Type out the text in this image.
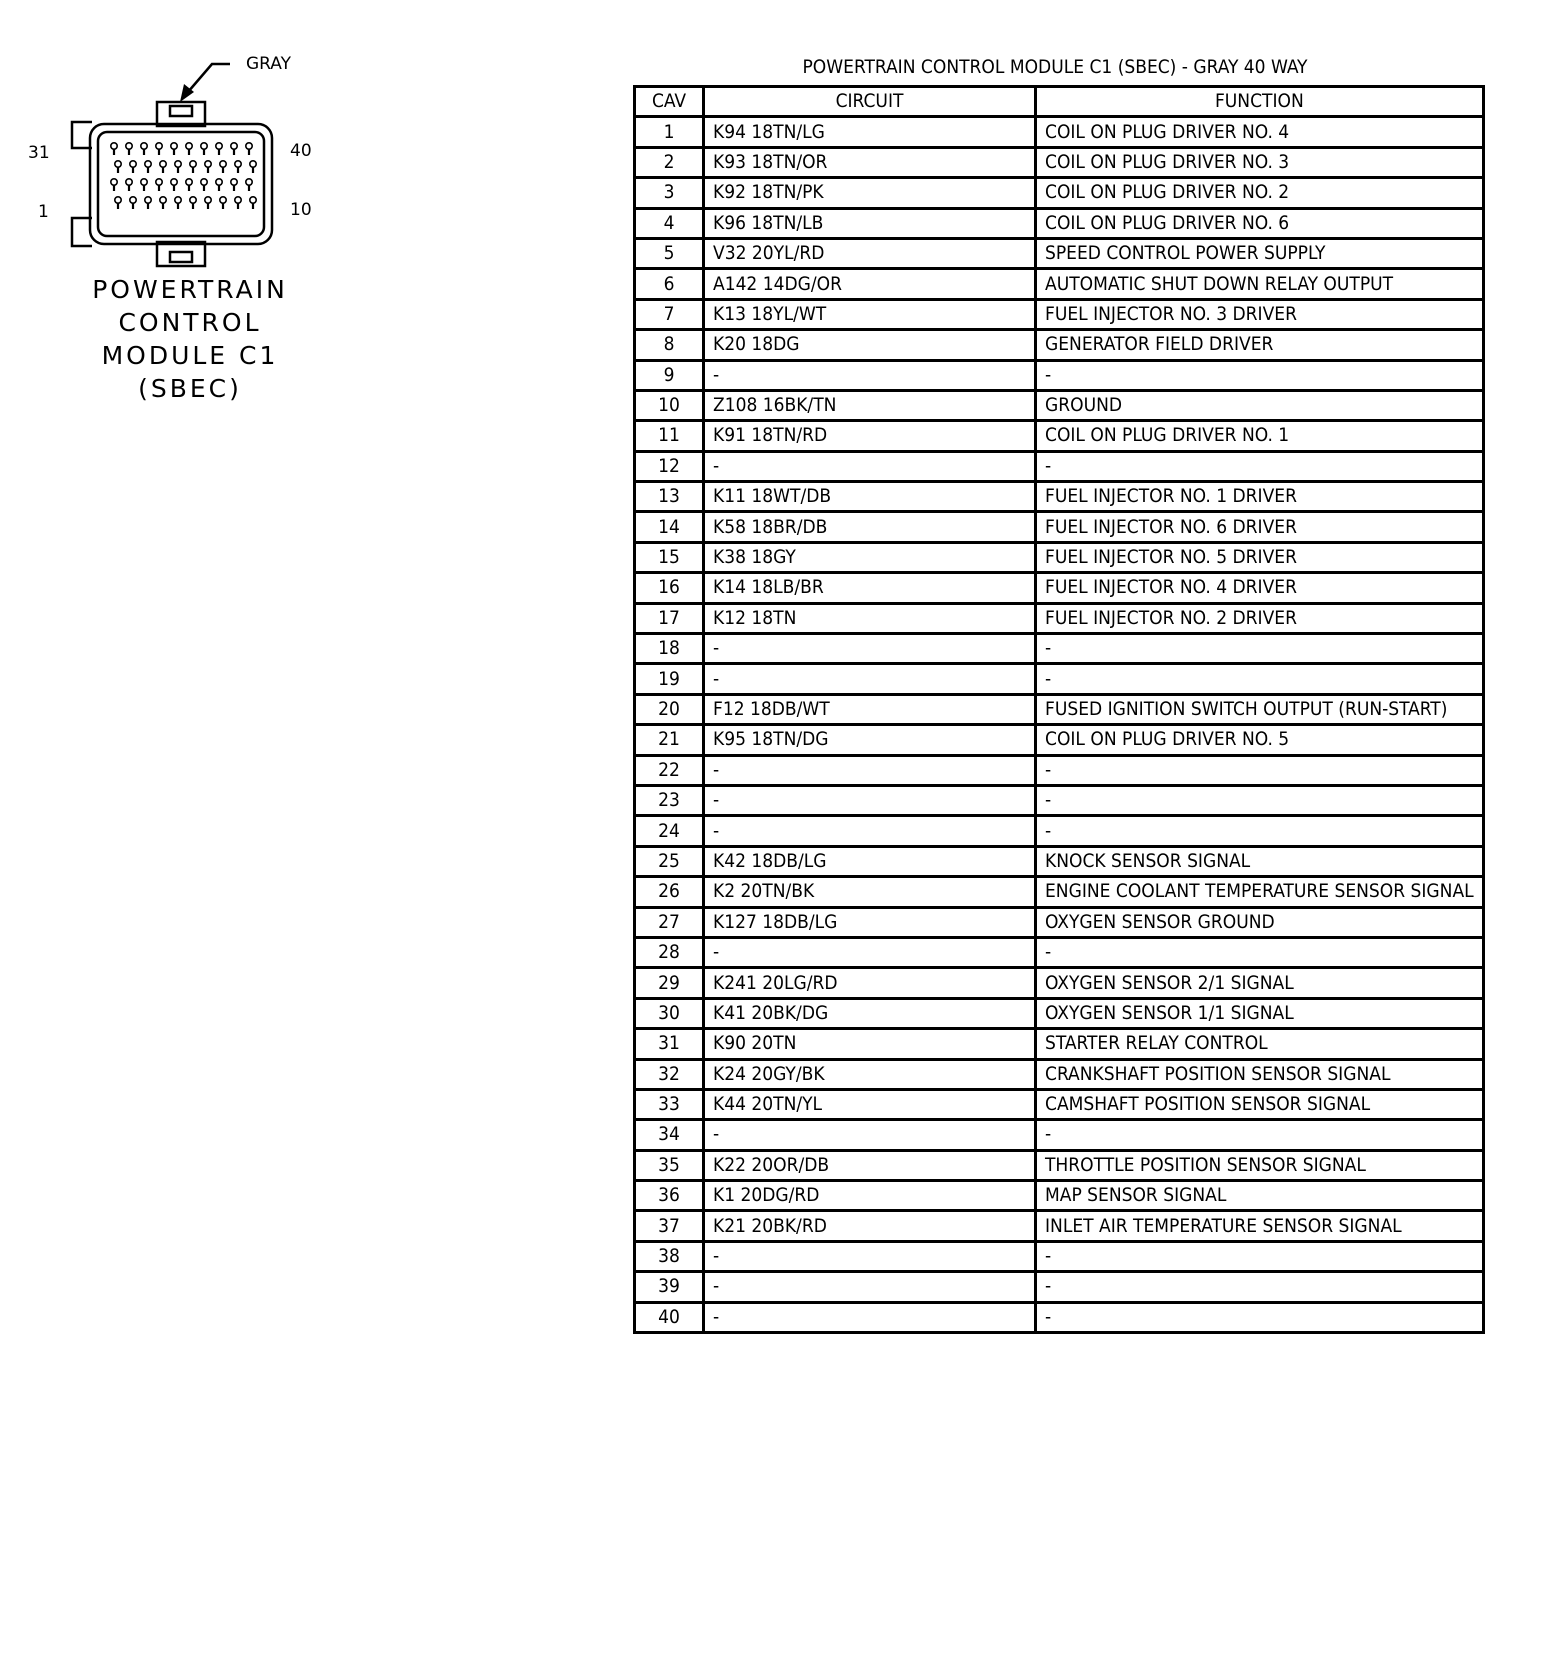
GRAY
31	40
1	10
POWERTRAIN
CONTROL
MODULE C1
(SBEC)
POWERTRAIN CONTROL MODULE C1 (SBEC) - GRAY 40 WAY
CAV	CIRCUIT	FUNCTION
1	K94 18TN/LG	COIL ON PLUG DRIVER NO. 4
2	K93 18TN/OR	COIL ON PLUG DRIVER NO. 3
3	K92 18TN/PK	COIL ON PLUG DRIVER NO. 2
4	K96 18TN/LB	COIL ON PLUG DRIVER NO. 6
5	V32 20YL/RD	SPEED CONTROL POWER SUPPLY
6	A142 14DG/OR	AUTOMATIC SHUT DOWN RELAY OUTPUT
7	K13 18YL/WT	FUEL INJECTOR NO. 3 DRIVER
8	K20 18DG	GENERATOR FIELD DRIVER
9	-	-
10	Z108 16BK/TN	GROUND
11	K91 18TN/RD	COIL ON PLUG DRIVER NO. 1
12	-	-
13	K11 18WT/DB	FUEL INJECTOR NO. 1 DRIVER
14	K58 18BR/DB	FUEL INJECTOR NO. 6 DRIVER
15	K38 18GY	FUEL INJECTOR NO. 5 DRIVER
16	K14 18LB/BR	FUEL INJECTOR NO. 4 DRIVER
17	K12 18TN	FUEL INJECTOR NO. 2 DRIVER
18	-	-
19	-	-
20	F12 18DB/WT	FUSED IGNITION SWITCH OUTPUT (RUN-START)
21	K95 18TN/DG	COIL ON PLUG DRIVER NO. 5
22	-	-
23	-	-
24	-	-
25	K42 18DB/LG	KNOCK SENSOR SIGNAL
26	K2 20TN/BK	ENGINE COOLANT TEMPERATURE SENSOR SIGNAL
27	K127 18DB/LG	OXYGEN SENSOR GROUND
28	-	-
29	K241 20LG/RD	OXYGEN SENSOR 2/1 SIGNAL
30	K41 20BK/DG	OXYGEN SENSOR 1/1 SIGNAL
31	K90 20TN	STARTER RELAY CONTROL
32	K24 20GY/BK	CRANKSHAFT POSITION SENSOR SIGNAL
33	K44 20TN/YL	CAMSHAFT POSITION SENSOR SIGNAL
34	-	-
35	K22 20OR/DB	THROTTLE POSITION SENSOR SIGNAL
36	K1 20DG/RD	MAP SENSOR SIGNAL
37	K21 20BK/RD	INLET AIR TEMPERATURE SENSOR SIGNAL
38	-	-
39	-	-
40	-	-
